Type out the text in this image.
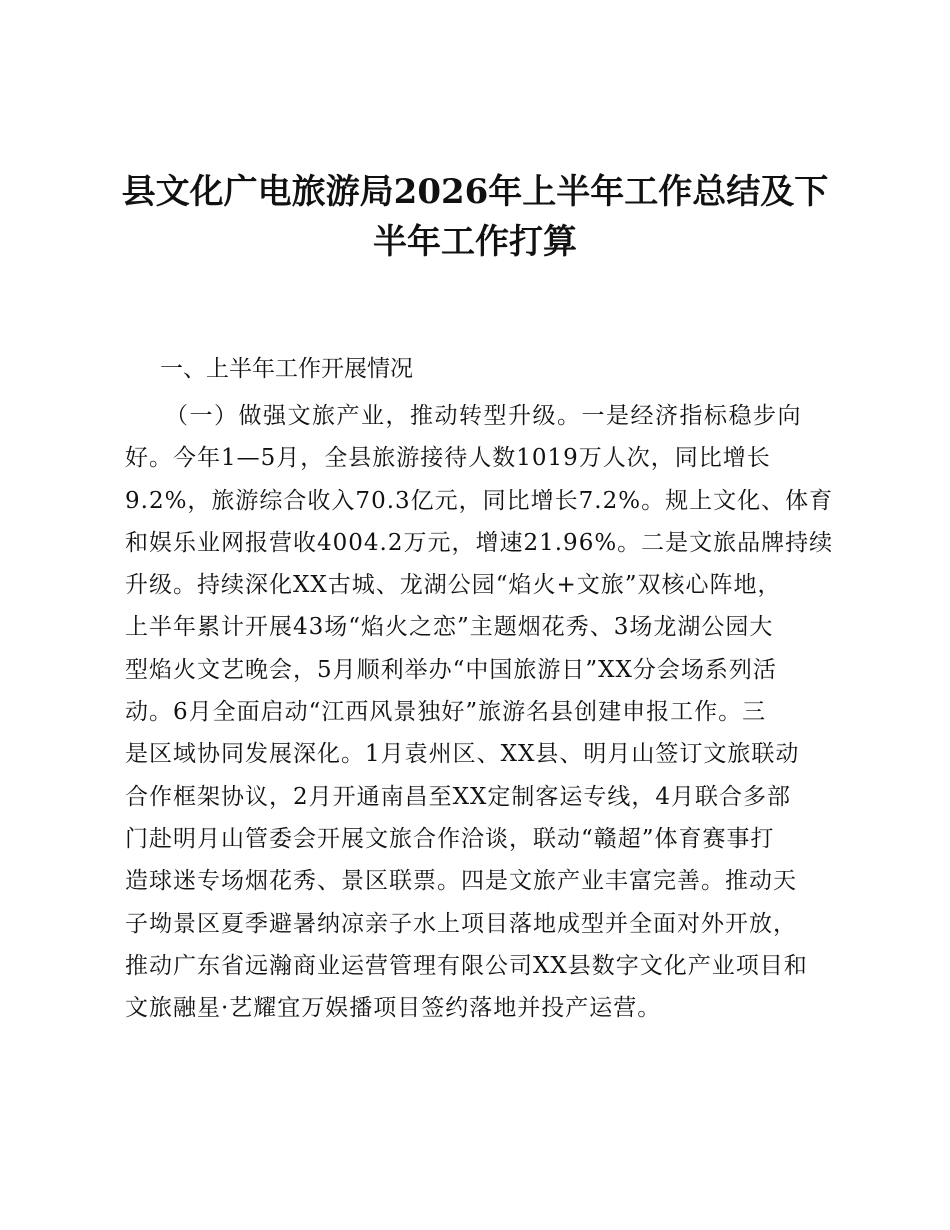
县文化广电旅游局2026年上半年工作总结及下
半年工作打算
一、上半年工作开展情况
（一）做强文旅产业，推动转型升级。一是经济指标稳步向
好。今年1—5月，全县旅游接待人数1019万人次，同比增长
9.2%，旅游综合收入70.3亿元，同比增长7.2%。规上文化、体育
和娱乐业网报营收4004.2万元，增速21.96%。二是文旅品牌持续
升级。持续深化XX古城、龙湖公园“焰火+文旅”双核心阵地，
上半年累计开展43场“焰火之恋”主题烟花秀、3场龙湖公园大
型焰火文艺晚会，5月顺利举办“中国旅游日”XX分会场系列活
动。6月全面启动“江西风景独好”旅游名县创建申报工作。三
是区域协同发展深化。1月袁州区、XX县、明月山签订文旅联动
合作框架协议，2月开通南昌至XX定制客运专线，4月联合多部
门赴明月山管委会开展文旅合作洽谈，联动“赣超”体育赛事打
造球迷专场烟花秀、景区联票。四是文旅产业丰富完善。推动天
子坳景区夏季避暑纳凉亲子水上项目落地成型并全面对外开放，
推动广东省远瀚商业运营管理有限公司XX县数字文化产业项目和
文旅融星·艺耀宜万娱播项目签约落地并投产运营。
